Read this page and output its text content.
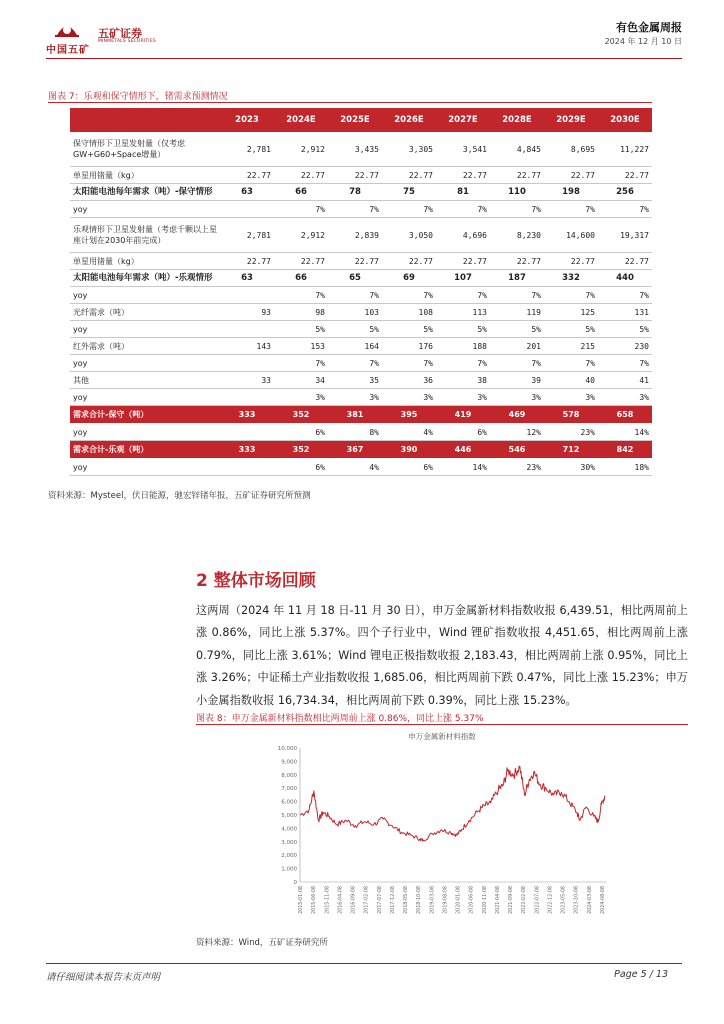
中国五矿
五矿证券
MINMETALS SECURITIES
有色金属周报
2024 年 12 月 10 日
图表 7：乐观和保守情形下，锗需求预测情况
	2023	2024E	2025E	2026E	2027E	2028E	2029E	2030E
保守情形下卫星发射量（仅考虑GW+G60+Space增量）	2,781	2,912	3,435	3,305	3,541	4,845	8,695	11,227
单星用锗量（kg）	22.77	22.77	22.77	22.77	22.77	22.77	22.77	22.77
太阳能电池每年需求（吨）-保守情形	63	66	78	75	81	110	198	256
yoy		7%	7%	7%	7%	7%	7%	7%
乐观情形下卫星发射量（考虑千颗以上星座计划在2030年前完成）	2,781	2,912	2,839	3,050	4,696	8,230	14,600	19,317
单星用锗量（kg）	22.77	22.77	22.77	22.77	22.77	22.77	22.77	22.77
太阳能电池每年需求（吨）-乐观情形	63	66	65	69	107	187	332	440
yoy		7%	7%	7%	7%	7%	7%	7%
光纤需求（吨）	93	98	103	108	113	119	125	131
yoy		5%	5%	5%	5%	5%	5%	5%
红外需求（吨）	143	153	164	176	188	201	215	230
yoy		7%	7%	7%	7%	7%	7%	7%
其他	33	34	35	36	38	39	40	41
yoy		3%	3%	3%	3%	3%	3%	3%
需求合计-保守（吨）	333	352	381	395	419	469	578	658
yoy		6%	8%	4%	6%	12%	23%	14%
需求合计-乐观（吨）	333	352	367	390	446	546	712	842
yoy		6%	4%	6%	14%	23%	30%	18%
资料来源：Mysteel，伏日能源，驰宏锌锗年报，五矿证券研究所预测
2 整体市场回顾
这两周（2024 年 11 月 18 日-11 月 30 日），申万金属新材料指数收报 6,439.51，相比两周前上涨 0.86%，同比上涨 5.37%。四个子行业中，Wind 锂矿指数收报 4,451.65，相比两周前上涨 0.79%，同比上涨 3.61%；Wind 锂电正极指数收报 2,183.43，相比两周前上涨 0.95%，同比上涨 3.26%；中证稀土产业指数收报 1,685.06，相比两周前下跌 0.47%，同比上涨 15.23%；申万小金属指数收报 16,734.34，相比两周前下跌 0.39%，同比上涨 15.23%。
图表 8：申万金属新材料指数相比两周前上涨 0.86%，同比上涨 5.37%
申万金属新材料指数
0
1,000
2,000
3,000
4,000
5,000
6,000
7,000
8,000
9,000
10,000
2015-01-08 2015-06-08 2015-11-08 2016-04-08 2016-09-08 2017-02-08 2017-07-08 2017-12-08 2018-05-08 2018-10-08 2019-03-08 2019-08-08 2020-01-08 2020-06-08 2020-11-08 2021-04-08 2021-09-08 2022-02-08 2022-07-08 2022-12-08 2023-05-08 2023-10-08 2024-03-08 2024-08-08
资料来源：Wind，五矿证券研究所
请仔细阅读本报告末页声明	Page 5 / 13
